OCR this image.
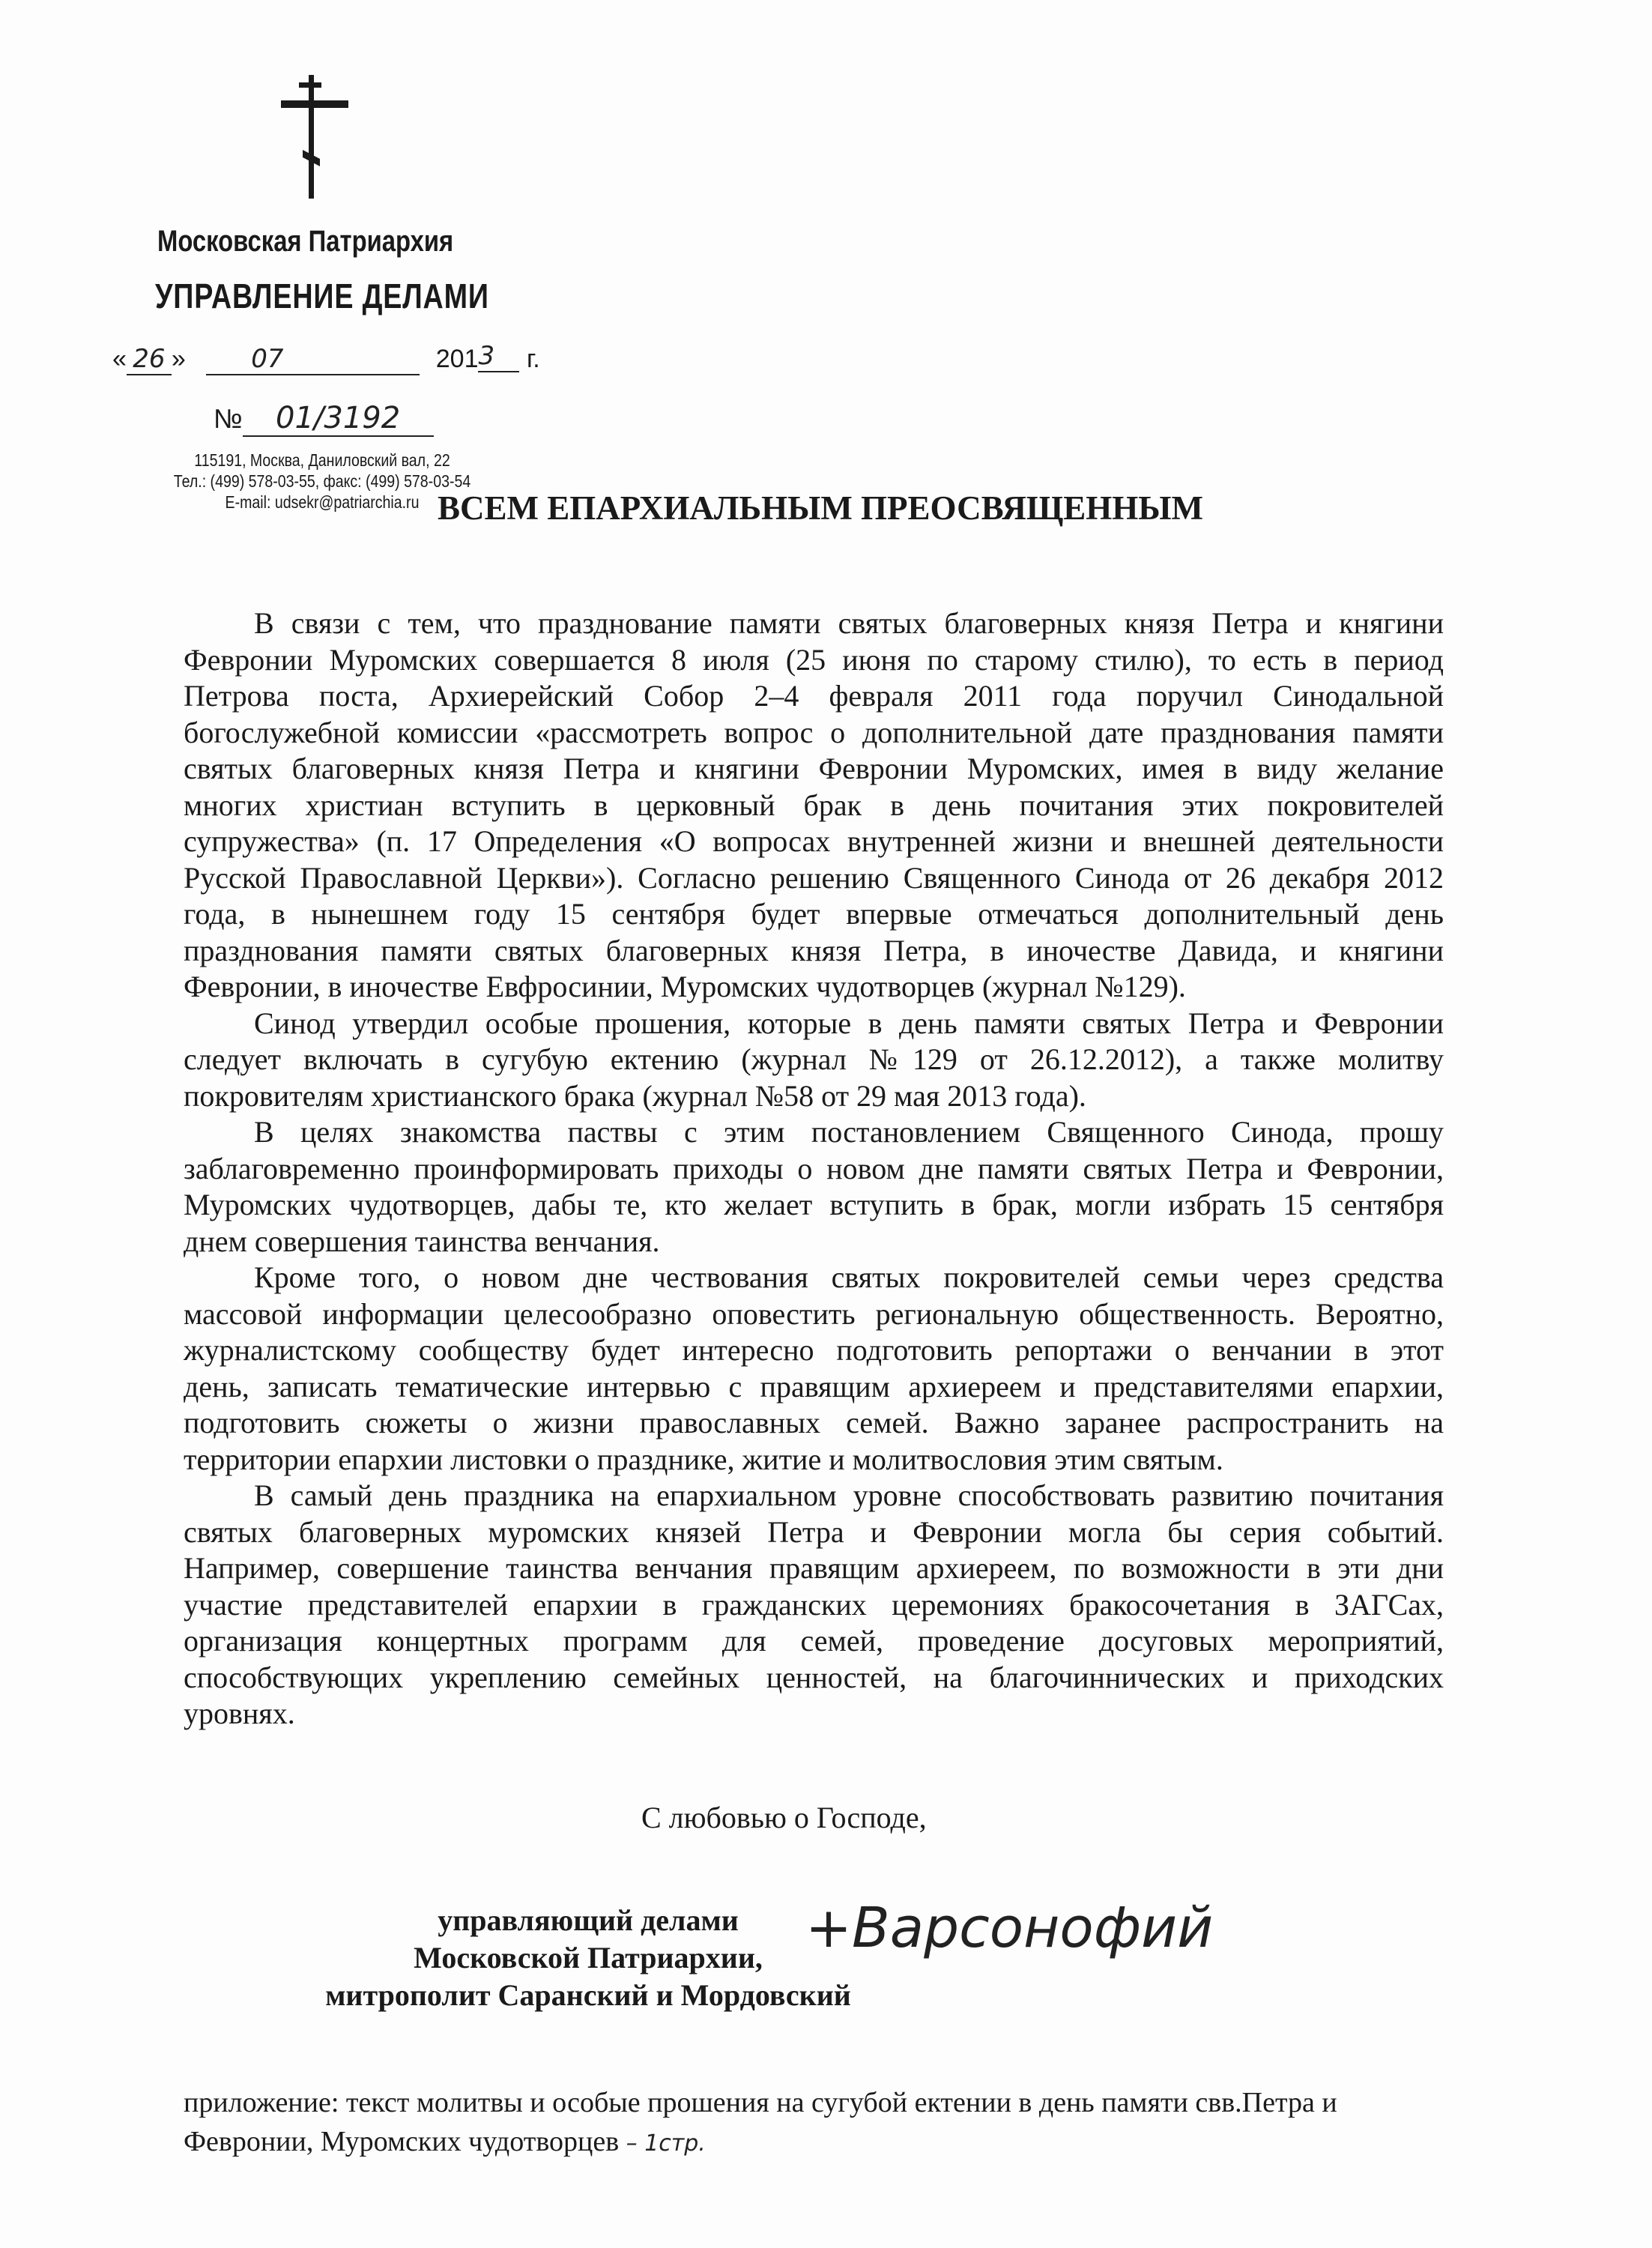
Московская Патриархия
УПРАВЛЕНИЕ ДЕЛАМИ
« 26 »	07	2013 г.
№ 01/3192
115191, Москва, Даниловский вал, 22
Тел.: (499) 578-03-55, факс: (499) 578-03-54
E-mail: udsekr@patriarchia.ru ВСЕМ ЕПАРХИАЛЬНЫМ ПРЕОСВЯЩЕННЫМ
В связи с тем, что празднование памяти святых благоверных князя Петра и княгини
Февронии Муромских совершается 8 июля (25 июня по старому стилю), то есть в период
Петрова поста, Архиерейский Собор 2–4 февраля 2011 года поручил Синодальной
богослужебной комиссии «рассмотреть вопрос о дополнительной дате празднования памяти
святых благоверных князя Петра и княгини Февронии Муромских, имея в виду желание
многих христиан вступить в церковный брак в день почитания этих покровителей
супружества» (п. 17 Определения «О вопросах внутренней жизни и внешней деятельности
Русской Православной Церкви»). Согласно решению Священного Синода от 26 декабря 2012
года, в нынешнем году 15 сентября будет впервые отмечаться дополнительный день
празднования памяти святых благоверных князя Петра, в иночестве Давида, и княгини
Февронии, в иночестве Евфросинии, Муромских чудотворцев (журнал №129).
Синод утвердил особые прошения, которые в день памяти святых Петра и Февронии
следует включать в сугубую ектению (журнал №129 от 26.12.2012), а также молитву
покровителям христианского брака (журнал №58 от 29 мая 2013 года).
В целях знакомства паствы с этим постановлением Священного Синода, прошу
заблаговременно проинформировать приходы о новом дне памяти святых Петра и Февронии,
Муромских чудотворцев, дабы те, кто желает вступить в брак, могли избрать 15 сентября
днем совершения таинства венчания.
Кроме того, о новом дне чествования святых покровителей семьи через средства
массовой информации целесообразно оповестить региональную общественность. Вероятно,
журналистскому сообществу будет интересно подготовить репортажи о венчании в этот
день, записать тематические интервью с правящим архиереем и представителями епархии,
подготовить сюжеты о жизни православных семей. Важно заранее распространить на
территории епархии листовки о празднике, житие и молитвословия этим святым.
В самый день праздника на епархиальном уровне способствовать развитию почитания
святых благоверных муромских князей Петра и Февронии могла бы серия событий.
Например, совершение таинства венчания правящим архиереем, по возможности в эти дни
участие представителей епархии в гражданских церемониях бракосочетания в ЗАГСах,
организация концертных программ для семей, проведение досуговых мероприятий,
способствующих укреплению семейных ценностей, на благочиннических и приходских
уровнях.
С любовью о Господе,
управляющий делами
Московской Патриархии,
митрополит Саранский и Мордовский
+Варсонофий
приложение: текст молитвы и особые прошения на сугубой ектении в день памяти свв.Петра и
Февронии, Муромских чудотворцев – 1стр.
